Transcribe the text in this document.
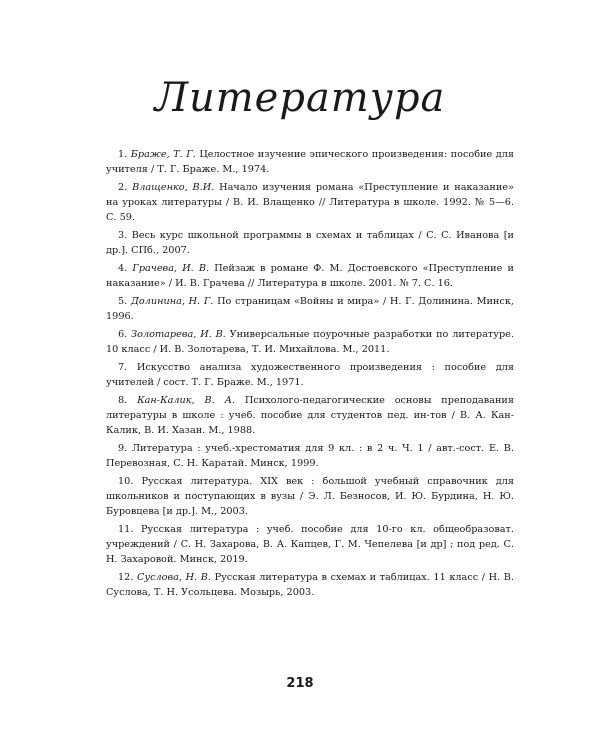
Литература
1. Браже, Т. Г. Целостное изучение эпического произведения: пособие для учителя / Т. Г. Браже. М., 1974.
2. Влащенко, В.И. Начало изучения романа «Преступление и наказание» на уроках литературы / В. И. Влащенко // Литература в школе. 1992. № 5—6. С. 59.
3. Весь курс школьной программы в схемах и таблицах / С. С. Иванова [и др.]. СПб., 2007.
4. Грачева, И. В. Пейзаж в романе Ф. М. Достоевского «Преступление и наказание» / И. В. Грачева // Литература в школе. 2001. № 7. С. 16.
5. Долинина, Н. Г. По страницам «Войны и мира» / Н. Г. Долинина. Минск, 1996.
6. Золотарева, И. В. Универсальные поурочные разработки по литературе. 10 класс / И. В. Золотарева, Т. И. Михайлова. М., 2011.
7. Искусство анализа художественного произведения : пособие для учителей / сост. Т. Г. Браже. М., 1971.
8. Кан-Калик, В. А. Психолого-педагогические основы преподавания литературы в школе : учеб. пособие для студентов пед. ин-тов / В. А. Кан-Калик, В. И. Хазан. М., 1988.
9. Литература : учеб.-хрестоматия для 9 кл. : в 2 ч. Ч. 1 / авт.-сост. Е. В. Перевозная, С. Н. Каратай. Минск, 1999.
10. Русская литература. XIX век : большой учебный справочник для школьников и поступающих в вузы / Э. Л. Безносов, И. Ю. Бурдина, Н. Ю. Буровцева [и др.]. М., 2003.
11. Русская литература : учеб. пособие для 10-го кл. общеобразоват. учреждений / С. Н. Захарова, В. А. Капцев, Г. М. Чепелева [и др] ; под ред. С. Н. Захаровой. Минск, 2019.
12. Суслова, Н. В. Русская литература в схемах и таблицах. 11 класс / Н. В. Суслова, Т. Н. Усольцева. Мозырь, 2003.
218
